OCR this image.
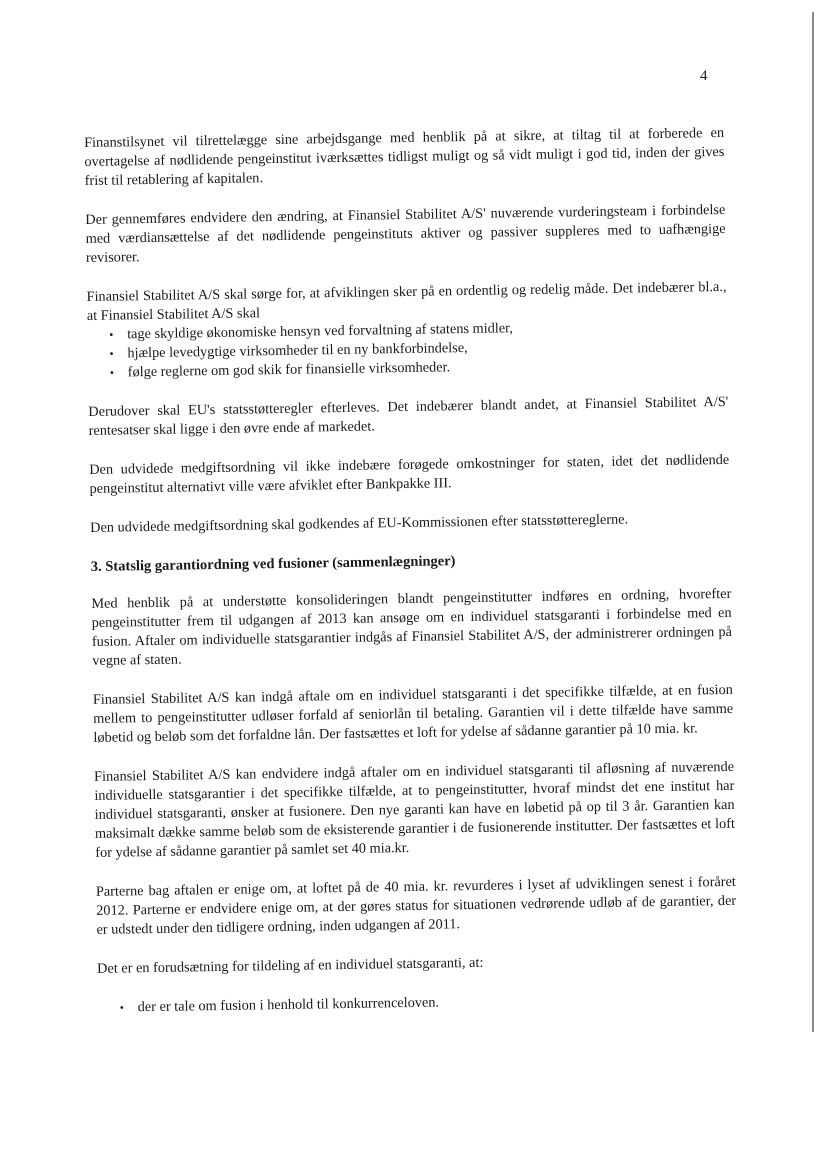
4

Finanstilsynet vil tilrettelægge sine arbejdsgange med henblik på at sikre, at tiltag til at forberede en overtagelse af nødlidende pengeinstitut iværksættes tidligst muligt og så vidt muligt i god tid, inden der gives frist til retablering af kapitalen.

Der gennemføres endvidere den ændring, at Finansiel Stabilitet A/S' nuværende vurderingsteam i forbindelse med værdiansættelse af det nødlidende pengeinstituts aktiver og passiver suppleres med to uafhængige revisorer.

Finansiel Stabilitet A/S skal sørge for, at afviklingen sker på en ordentlig og redelig måde. Det indebærer bl.a., at Finansiel Stabilitet A/S skal

• tage skyldige økonomiske hensyn ved forvaltning af statens midler,
• hjælpe levedygtige virksomheder til en ny bankforbindelse,
• følge reglerne om god skik for finansielle virksomheder.

Derudover skal EU's statsstøtteregler efterleves. Det indebærer blandt andet, at Finansiel Stabilitet A/S' rentesatser skal ligge i den øvre ende af markedet.

Den udvidede medgiftsordning vil ikke indebære forøgede omkostninger for staten, idet det nødlidende pengeinstitut alternativt ville være afviklet efter Bankpakke III.

Den udvidede medgiftsordning skal godkendes af EU-Kommissionen efter statsstøttereglerne.

3. Statslig garantiordning ved fusioner (sammenlægninger)

Med henblik på at understøtte konsolideringen blandt pengeinstitutter indføres en ordning, hvorefter pengeinstitutter frem til udgangen af 2013 kan ansøge om en individuel statsgaranti i forbindelse med en fusion. Aftaler om individuelle statsgarantier indgås af Finansiel Stabilitet A/S, der administrerer ordningen på vegne af staten.

Finansiel Stabilitet A/S kan indgå aftale om en individuel statsgaranti i det specifikke tilfælde, at en fusion mellem to pengeinstitutter udløser forfald af seniorlån til betaling. Garantien vil i dette tilfælde have samme løbetid og beløb som det forfaldne lån. Der fastsættes et loft for ydelse af sådanne garantier på 10 mia. kr.

Finansiel Stabilitet A/S kan endvidere indgå aftaler om en individuel statsgaranti til afløsning af nuværende individuelle statsgarantier i det specifikke tilfælde, at to pengeinstitutter, hvoraf mindst det ene institut har individuel statsgaranti, ønsker at fusionere. Den nye garanti kan have en løbetid på op til 3 år. Garantien kan maksimalt dække samme beløb som de eksisterende garantier i de fusionerende institutter. Der fastsættes et loft for ydelse af sådanne garantier på samlet set 40 mia.kr.

Parterne bag aftalen er enige om, at loftet på de 40 mia. kr. revurderes i lyset af udviklingen senest i foråret 2012. Parterne er endvidere enige om, at der gøres status for situationen vedrørende udløb af de garantier, der er udstedt under den tidligere ordning, inden udgangen af 2011.

Det er en forudsætning for tildeling af en individuel statsgaranti, at:

• der er tale om fusion i henhold til konkurrenceloven.
